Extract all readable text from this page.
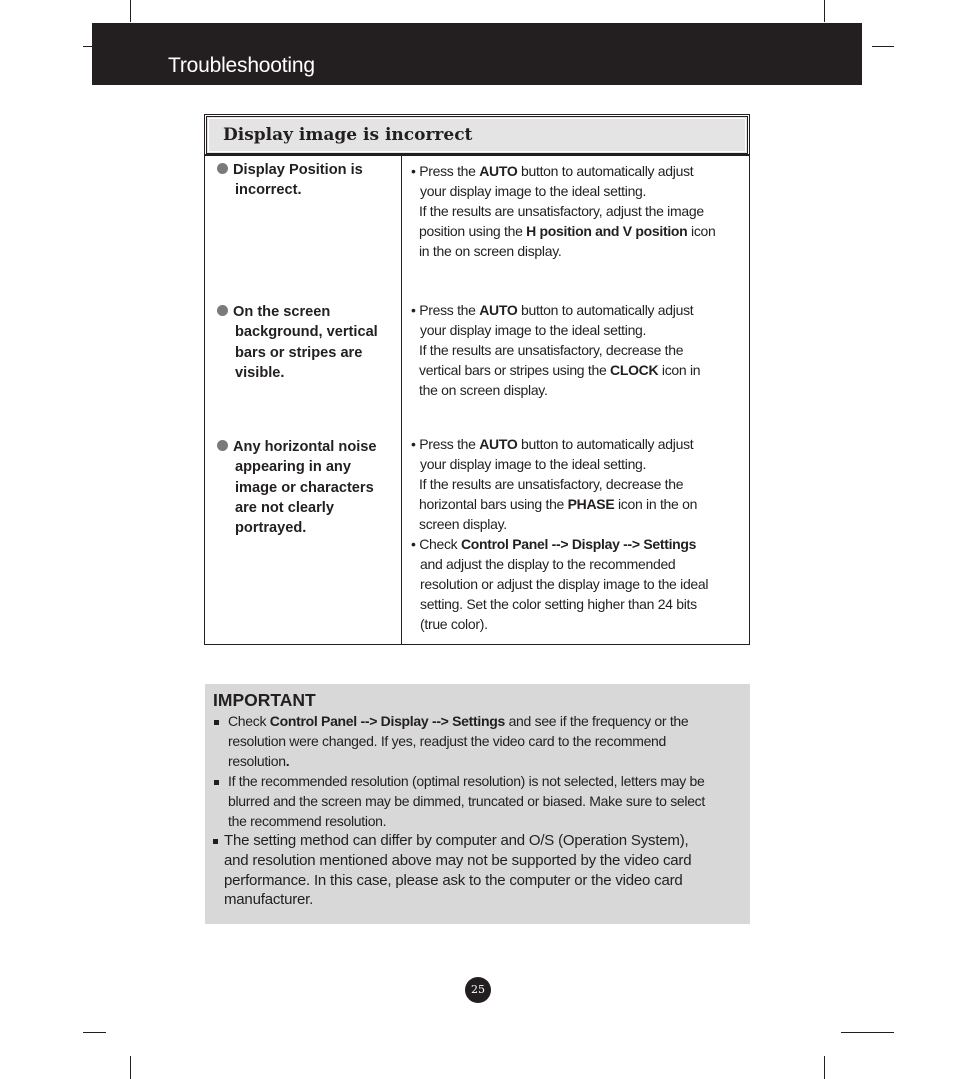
Troubleshooting
Display image is incorrect
Display Position is
incorrect.
• Press the AUTO button to automatically adjust
your display image to the ideal setting.
If the results are unsatisfactory, adjust the image
position using the H position and V position icon
in the on screen display.
On the screen
background, vertical
bars or stripes are
visible.
• Press the AUTO button to automatically adjust
your display image to the ideal setting.
If the results are unsatisfactory, decrease the
vertical bars or stripes using the CLOCK icon in
the on screen display.
Any horizontal noise
appearing in any
image or characters
are not clearly
portrayed.
• Press the AUTO button to automatically adjust
your display image to the ideal setting.
If the results are unsatisfactory, decrease the
horizontal bars using the PHASE icon in the on
screen display.
• Check Control Panel --> Display --> Settings
and adjust the display to the recommended
resolution or adjust the display image to the ideal
setting. Set the color setting higher than 24 bits
(true color).
IMPORTANT
Check Control Panel --> Display --> Settings and see if the frequency or the
resolution were changed. If yes, readjust the video card to the recommend
resolution.
If the recommended resolution (optimal resolution) is not selected, letters may be
blurred and the screen may be dimmed, truncated or biased. Make sure to select
the recommend resolution.
The setting method can differ by computer and O/S (Operation System),
and resolution mentioned above may not be supported by the video card
performance. In this case, please ask to the computer or the video card
manufacturer.
25
